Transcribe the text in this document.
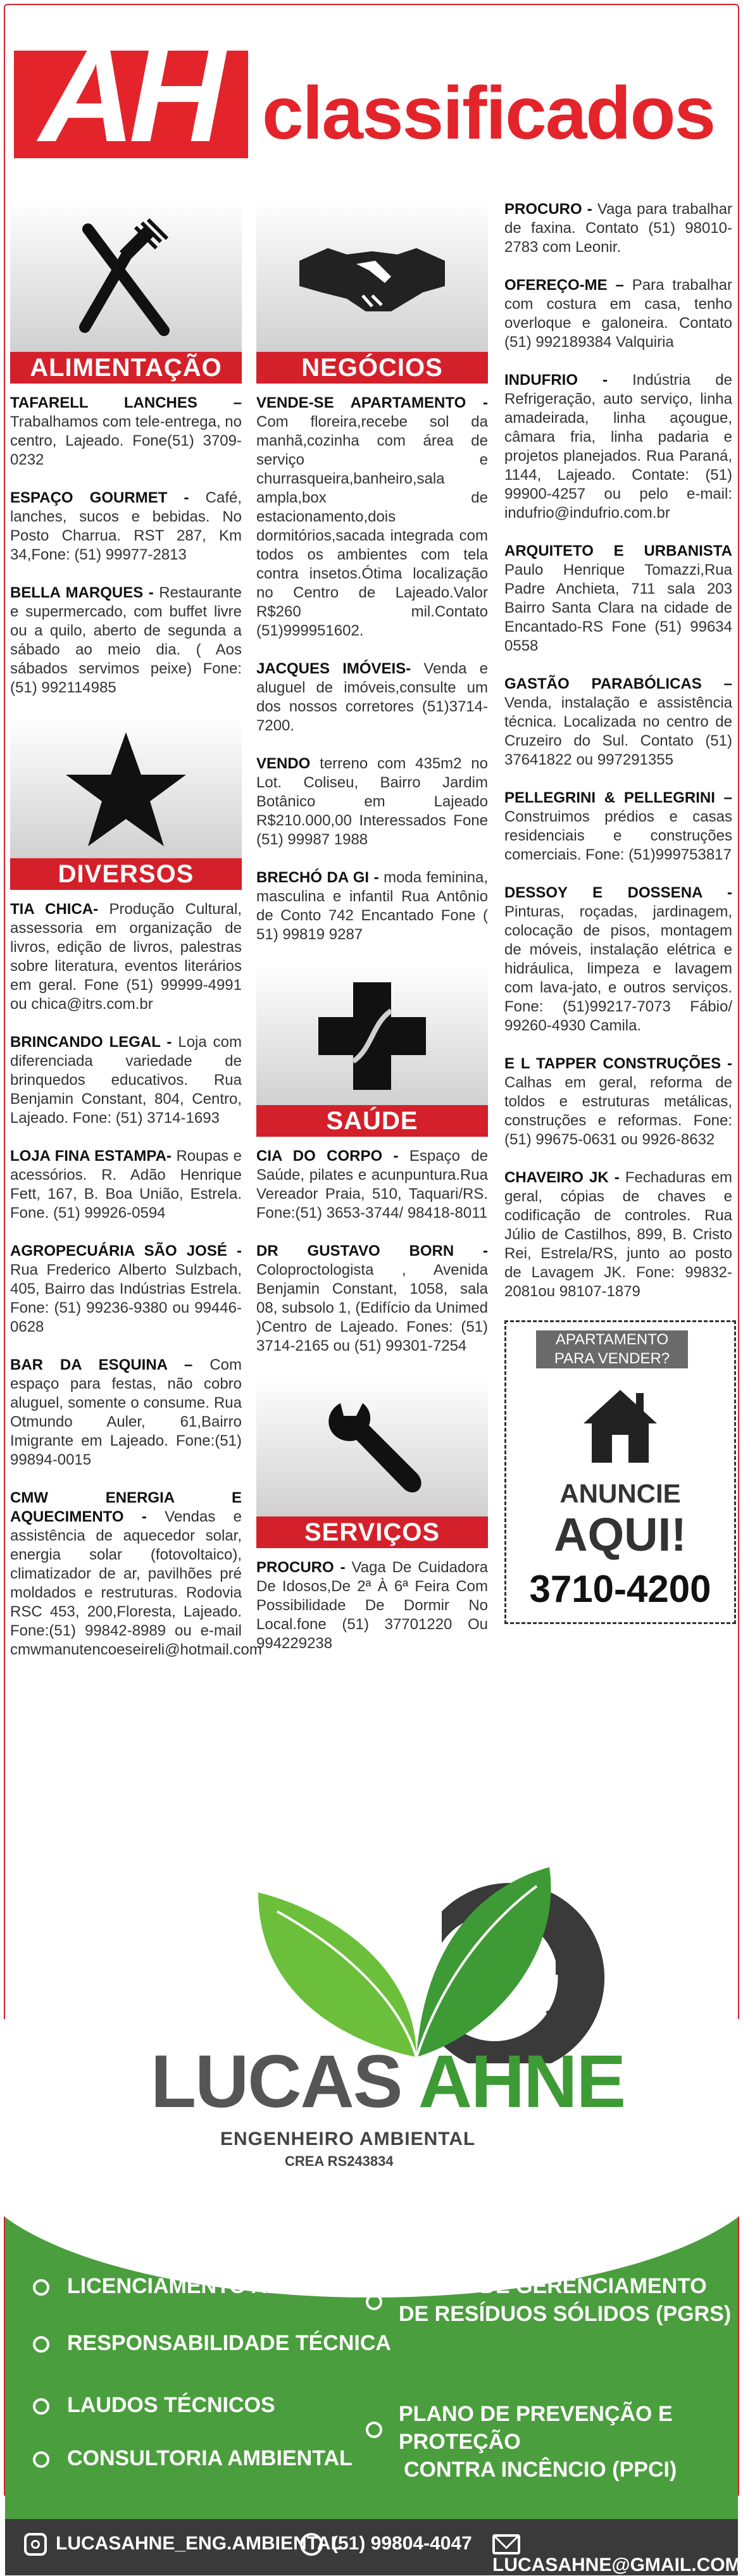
AH classificados
ALIMENTAÇÃO
TAFARELL LANCHES – Trabalhamos com tele-entrega, no centro, Lajeado. Fone(51) 3709-0232
ESPAÇO GOURMET - Café, lanches, sucos e bebidas. No Posto Charrua. RST 287, Km 34,Fone: (51) 99977-2813
BELLA MARQUES - Restaurante e supermercado, com buffet livre ou a quilo, aberto de segunda a sábado ao meio dia. ( Aos sábados servimos peixe) Fone: (51) 992114985
DIVERSOS
TIA CHICA- Produção Cultural, assessoria em organização de livros, edição de livros, palestras sobre literatura, eventos literários em geral. Fone (51) 99999-4991 ou chica@itrs.com.br
BRINCANDO LEGAL - Loja com diferenciada variedade de brinquedos educativos. Rua Benjamin Constant, 804, Centro, Lajeado. Fone: (51) 3714-1693
LOJA FINA ESTAMPA- Roupas e acessórios. R. Adão Henrique Fett, 167, B. Boa União, Estrela. Fone. (51) 99926-0594
AGROPECUÁRIA SÃO JOSÉ - Rua Frederico Alberto Sulzbach, 405, Bairro das Indústrias Estrela. Fone: (51) 99236-9380 ou 99446-0628
BAR DA ESQUINA – Com espaço para festas, não cobro aluguel, somente o consume. Rua Otmundo Auler, 61,Bairro Imigrante em Lajeado. Fone:(51) 99894-0015
CMW ENERGIA E AQUECIMENTO - Vendas e assistência de aquecedor solar, energia solar (fotovoltaico), climatizador de ar, pavilhões pré moldados e restruturas. Rodovia RSC 453, 200,Floresta, Lajeado. Fone:(51) 99842-8989 ou e-mail cmwmanutencoeseireli@hotmail.com
NEGÓCIOS
VENDE-SE APARTAMENTO - Com floreira,recebe sol da manhã,cozinha com área de serviço e churrasqueira,banheiro,sala ampla,box de estacionamento,dois dormitórios,sacada integrada com todos os ambientes com tela contra insetos.Ótima localização no Centro de Lajeado.Valor R$260 mil.Contato (51)999951602.
JACQUES IMÓVEIS- Venda e aluguel de imóveis,consulte um dos nossos corretores (51)3714-7200.
VENDO terreno com 435m2 no Lot. Coliseu, Bairro Jardim Botânico em Lajeado R$210.000,00 Interessados Fone (51) 99987 1988
BRECHÓ DA GI - moda feminina, masculina e infantil Rua Antônio de Conto 742 Encantado Fone ( 51) 99819 9287
SAÚDE
CIA DO CORPO - Espaço de Saúde, pilates e acunpuntura.Rua Vereador Praia, 510, Taquari/RS. Fone:(51) 3653-3744/ 98418-8011
DR GUSTAVO BORN - Coloproctologista , Avenida Benjamin Constant, 1058, sala 08, subsolo 1, (Edifício da Unimed )Centro de Lajeado. Fones: (51) 3714-2165 ou (51) 99301-7254
SERVIÇOS
PROCURO - Vaga De Cuidadora De Idosos,De 2ª À 6ª Feira Com Possibilidade De Dormir No Local.fone (51) 37701220 Ou 994229238
PROCURO - Vaga para trabalhar de faxina. Contato (51) 98010-2783 com Leonir.
OFEREÇO-ME – Para trabalhar com costura em casa, tenho overloque e galoneira. Contato (51) 992189384 Valquiria
INDUFRIO - Indústria de Refrigeração, auto serviço, linha amadeirada, linha açougue, câmara fria, linha padaria e projetos planejados. Rua Paraná, 1144, Lajeado. Contate: (51) 99900-4257 ou pelo e-mail: indufrio@indufrio.com.br
ARQUITETO E URBANISTA Paulo Henrique Tomazzi,Rua Padre Anchieta, 711 sala 203 Bairro Santa Clara na cidade de Encantado-RS Fone (51) 99634 0558
GASTÃO PARABÓLICAS – Venda, instalação e assistência técnica. Localizada no centro de Cruzeiro do Sul. Contato (51) 37641822 ou 997291355
PELLEGRINI & PELLEGRINI – Construimos prédios e casas residenciais e construções comerciais. Fone: (51)999753817
DESSOY E DOSSENA - Pinturas, roçadas, jardinagem, colocação de pisos, montagem de móveis, instalação elétrica e hidráulica, limpeza e lavagem com lava-jato, e outros serviços. Fone: (51)99217-7073 Fábio/ 99260-4930 Camila.
E L TAPPER CONSTRUÇÕES - Calhas em geral, reforma de toldos e estruturas metálicas, construções e reformas. Fone: (51) 99675-0631 ou 9926-8632
CHAVEIRO JK - Fechaduras em geral, cópias de chaves e codificação de controles. Rua Júlio de Castilhos, 899, B. Cristo Rei, Estrela/RS, junto ao posto de Lavagem JK. Fone: 99832-2081ou 98107-1879
APARTAMENTO PARA VENDER?
ANUNCIE
AQUI!
3710-4200
LUCAS AHNE
ENGENHEIRO AMBIENTAL
CREA RS243834
LICENCIAMENTO AMBIENTAL
RESPONSABILIDADE TÉCNICA
LAUDOS TÉCNICOS
CONSULTORIA AMBIENTAL
PLANO DE GERENCIAMENTO
DE RESÍDUOS SÓLIDOS (PGRS)
PLANO DE PREVENÇÃO E PROTEÇÃO
CONTRA INCÊNCIO (PPCI)
LUCASAHNE_ENG.AMBIENTAL
(51) 99804-4047
LUCASAHNE@GMAIL.COM
